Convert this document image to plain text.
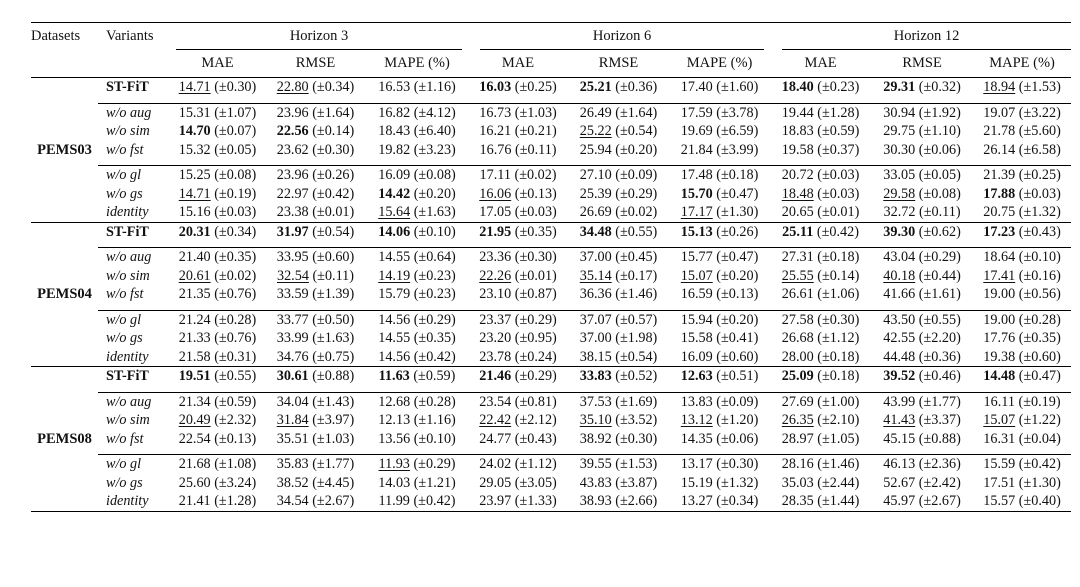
Datasets	Variants	Horizon 3			Horizon 6			Horizon 12		

		MAE	RMSE	MAPE (%)	MAE	RMSE	MAPE (%)	MAE	RMSE	MAPE (%)
PEMS03	ST-FiT	14.71 (±0.30)	22.80 (±0.34)	16.53 (±1.16)	16.03 (±0.25)	25.21 (±0.36)	17.40 (±1.60)	18.40 (±0.23)	29.31 (±0.32)	18.94 (±1.53)

	w/o aug	15.31 (±1.07)	23.96 (±1.64)	16.82 (±4.12)	16.73 (±1.03)	26.49 (±1.64)	17.59 (±3.78)	19.44 (±1.28)	30.94 (±1.92)	19.07 (±3.22)
	w/o sim	14.70 (±0.07)	22.56 (±0.14)	18.43 (±6.40)	16.21 (±0.21)	25.22 (±0.54)	19.69 (±6.59)	18.83 (±0.59)	29.75 (±1.10)	21.78 (±5.60)
	w/o fst	15.32 (±0.05)	23.62 (±0.30)	19.82 (±3.23)	16.76 (±0.11)	25.94 (±0.20)	21.84 (±3.99)	19.58 (±0.37)	30.30 (±0.06)	26.14 (±6.58)

	w/o gl	15.25 (±0.08)	23.96 (±0.26)	16.09 (±0.08)	17.11 (±0.02)	27.10 (±0.09)	17.48 (±0.18)	20.72 (±0.03)	33.05 (±0.05)	21.39 (±0.25)
	w/o gs	14.71 (±0.19)	22.97 (±0.42)	14.42 (±0.20)	16.06 (±0.13)	25.39 (±0.29)	15.70 (±0.47)	18.48 (±0.03)	29.58 (±0.08)	17.88 (±0.03)
	identity	15.16 (±0.03)	23.38 (±0.01)	15.64 (±1.63)	17.05 (±0.03)	26.69 (±0.02)	17.17 (±1.30)	20.65 (±0.01)	32.72 (±0.11)	20.75 (±1.32)
PEMS04	ST-FiT	20.31 (±0.34)	31.97 (±0.54)	14.06 (±0.10)	21.95 (±0.35)	34.48 (±0.55)	15.13 (±0.26)	25.11 (±0.42)	39.30 (±0.62)	17.23 (±0.43)

	w/o aug	21.40 (±0.35)	33.95 (±0.60)	14.55 (±0.64)	23.36 (±0.30)	37.00 (±0.45)	15.77 (±0.47)	27.31 (±0.18)	43.04 (±0.29)	18.64 (±0.10)
	w/o sim	20.61 (±0.02)	32.54 (±0.11)	14.19 (±0.23)	22.26 (±0.01)	35.14 (±0.17)	15.07 (±0.20)	25.55 (±0.14)	40.18 (±0.44)	17.41 (±0.16)
	w/o fst	21.35 (±0.76)	33.59 (±1.39)	15.79 (±0.23)	23.10 (±0.87)	36.36 (±1.46)	16.59 (±0.13)	26.61 (±1.06)	41.66 (±1.61)	19.00 (±0.56)

	w/o gl	21.24 (±0.28)	33.77 (±0.50)	14.56 (±0.29)	23.37 (±0.29)	37.07 (±0.57)	15.94 (±0.20)	27.58 (±0.30)	43.50 (±0.55)	19.00 (±0.28)
	w/o gs	21.33 (±0.76)	33.99 (±1.63)	14.55 (±0.35)	23.20 (±0.95)	37.00 (±1.98)	15.58 (±0.41)	26.68 (±1.12)	42.55 (±2.20)	17.76 (±0.35)
	identity	21.58 (±0.31)	34.76 (±0.75)	14.56 (±0.42)	23.78 (±0.24)	38.15 (±0.54)	16.09 (±0.60)	28.00 (±0.18)	44.48 (±0.36)	19.38 (±0.60)
PEMS08	ST-FiT	19.51 (±0.55)	30.61 (±0.88)	11.63 (±0.59)	21.46 (±0.29)	33.83 (±0.52)	12.63 (±0.51)	25.09 (±0.18)	39.52 (±0.46)	14.48 (±0.47)

	w/o aug	21.34 (±0.59)	34.04 (±1.43)	12.68 (±0.28)	23.54 (±0.81)	37.53 (±1.69)	13.83 (±0.09)	27.69 (±1.00)	43.99 (±1.77)	16.11 (±0.19)
	w/o sim	20.49 (±2.32)	31.84 (±3.97)	12.13 (±1.16)	22.42 (±2.12)	35.10 (±3.52)	13.12 (±1.20)	26.35 (±2.10)	41.43 (±3.37)	15.07 (±1.22)
	w/o fst	22.54 (±0.13)	35.51 (±1.03)	13.56 (±0.10)	24.77 (±0.43)	38.92 (±0.30)	14.35 (±0.06)	28.97 (±1.05)	45.15 (±0.88)	16.31 (±0.04)

	w/o gl	21.68 (±1.08)	35.83 (±1.77)	11.93 (±0.29)	24.02 (±1.12)	39.55 (±1.53)	13.17 (±0.30)	28.16 (±1.46)	46.13 (±2.36)	15.59 (±0.42)
	w/o gs	25.60 (±3.24)	38.52 (±4.45)	14.03 (±1.21)	29.05 (±3.05)	43.83 (±3.87)	15.19 (±1.32)	35.03 (±2.44)	52.67 (±2.42)	17.51 (±1.30)
	identity	21.41 (±1.28)	34.54 (±2.67)	11.99 (±0.42)	23.97 (±1.33)	38.93 (±2.66)	13.27 (±0.34)	28.35 (±1.44)	45.97 (±2.67)	15.57 (±0.40)
